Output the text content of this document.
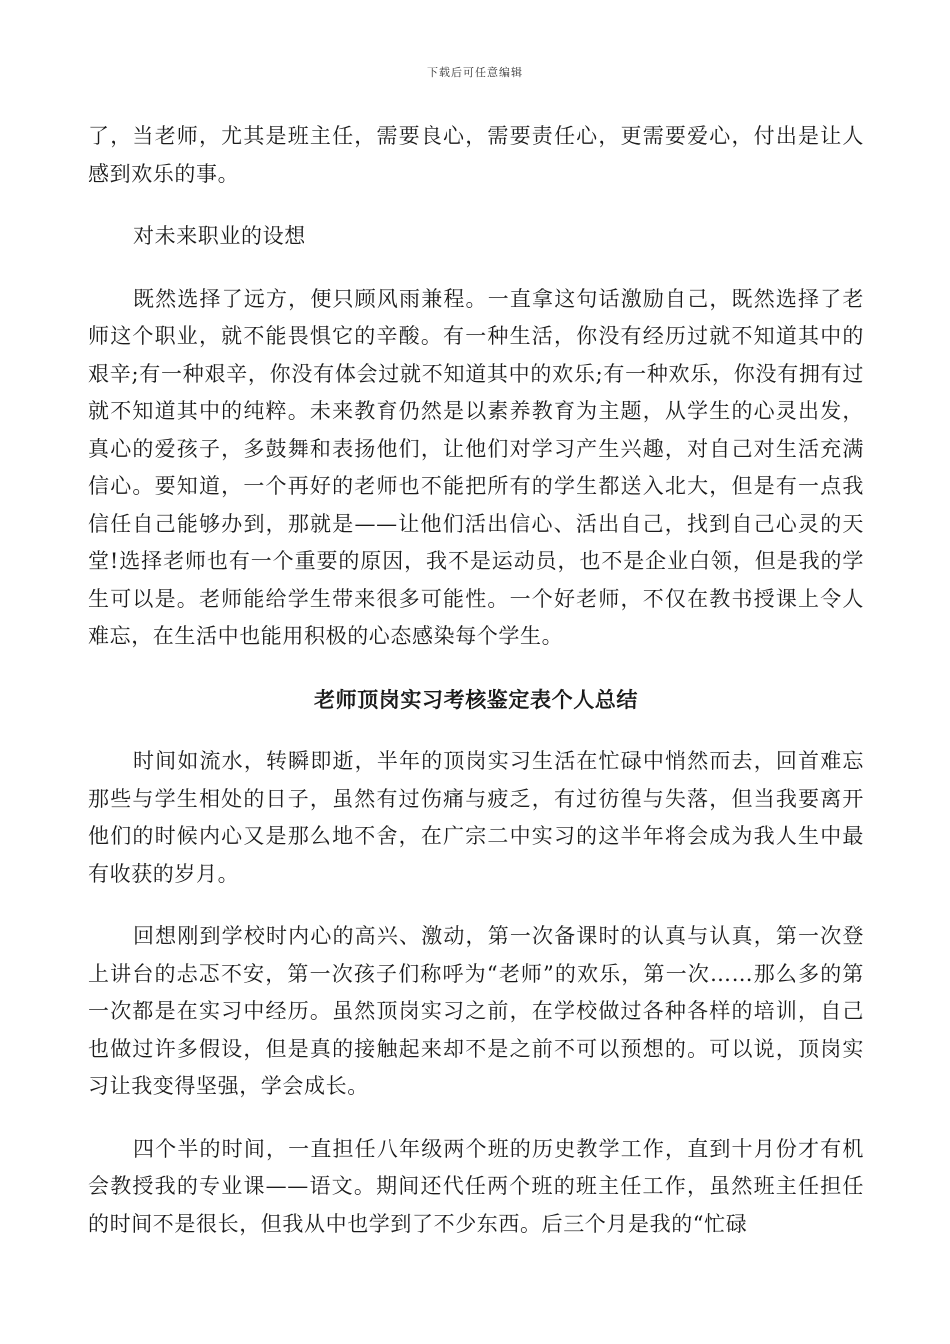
下载后可任意编辑

了，当老师，尤其是班主任，需要良心，需要责任心，更需要爱心，付出是让人感到欢乐的事。

对未来职业的设想

既然选择了远方，便只顾风雨兼程。一直拿这句话激励自己，既然选择了老师这个职业，就不能畏惧它的辛酸。有一种生活，你没有经历过就不知道其中的艰辛;有一种艰辛，你没有体会过就不知道其中的欢乐;有一种欢乐，你没有拥有过就不知道其中的纯粹。未来教育仍然是以素养教育为主题，从学生的心灵出发，真心的爱孩子，多鼓舞和表扬他们，让他们对学习产生兴趣，对自己对生活充满信心。要知道，一个再好的老师也不能把所有的学生都送入北大，但是有一点我信任自己能够办到，那就是——让他们活出信心、活出自己，找到自己心灵的天堂!选择老师也有一个重要的原因，我不是运动员，也不是企业白领，但是我的学生可以是。老师能给学生带来很多可能性。一个好老师，不仅在教书授课上令人难忘，在生活中也能用积极的心态感染每个学生。

老师顶岗实习考核鉴定表个人总结

时间如流水，转瞬即逝，半年的顶岗实习生活在忙碌中悄然而去，回首难忘那些与学生相处的日子，虽然有过伤痛与疲乏，有过彷徨与失落，但当我要离开他们的时候内心又是那么地不舍，在广宗二中实习的这半年将会成为我人生中最有收获的岁月。

回想刚到学校时内心的高兴、激动，第一次备课时的认真与认真，第一次登上讲台的忐忑不安，第一次孩子们称呼为“老师”的欢乐，第一次……那么多的第一次都是在实习中经历。虽然顶岗实习之前，在学校做过各种各样的培训，自己也做过许多假设，但是真的接触起来却不是之前不可以预想的。可以说，顶岗实习让我变得坚强，学会成长。

四个半的时间，一直担任八年级两个班的历史教学工作，直到十月份才有机会教授我的专业课——语文。期间还代任两个班的班主任工作，虽然班主任担任的时间不是很长，但我从中也学到了不少东西。后三个月是我的“忙碌
